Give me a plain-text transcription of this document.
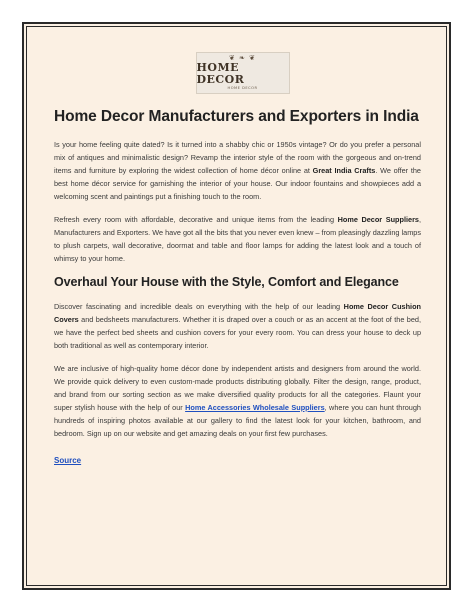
❦ ❧ ❦
HOME DECOR
HOME DECOR
Home Decor Manufacturers and Exporters in India

Is your home feeling quite dated? Is it turned into a shabby chic or 1950s vintage? Or do you prefer a personal mix of antiques and minimalistic design? Revamp the interior style of the room with the gorgeous and on-trend items and furniture by exploring the widest collection of home décor online at Great India Crafts. We offer the best home décor service for garnishing the interior of your house. Our indoor fountains and showpieces add a welcoming scent and paintings put a finishing touch to the room.

Refresh every room with affordable, decorative and unique items from the leading Home Decor Suppliers, Manufacturers and Exporters. We have got all the bits that you never even knew – from pleasingly dazzling lamps to plush carpets, wall decorative, doormat and table and floor lamps for adding the latest look and a touch of whimsy to your home.

Overhaul Your House with the Style, Comfort and Elegance

Discover fascinating and incredible deals on everything with the help of our leading Home Decor Cushion Covers and bedsheets manufacturers. Whether it is draped over a couch or as an accent at the foot of the bed, we have the perfect bed sheets and cushion covers for your every room. You can dress your house to deck up both traditional as well as contemporary interior.

We are inclusive of high-quality home décor done by independent artists and designers from around the world. We provide quick delivery to even custom-made products distributing globally. Filter the design, range, product, and brand from our sorting section as we make diversified quality products for all the categories. Flaunt your super stylish house with the help of our Home Accessories Wholesale Suppliers, where you can hunt through hundreds of inspiring photos available at our gallery to find the latest look for your kitchen, bathroom, and bedroom. Sign up on our website and get amazing deals on your first few purchases.

Source
